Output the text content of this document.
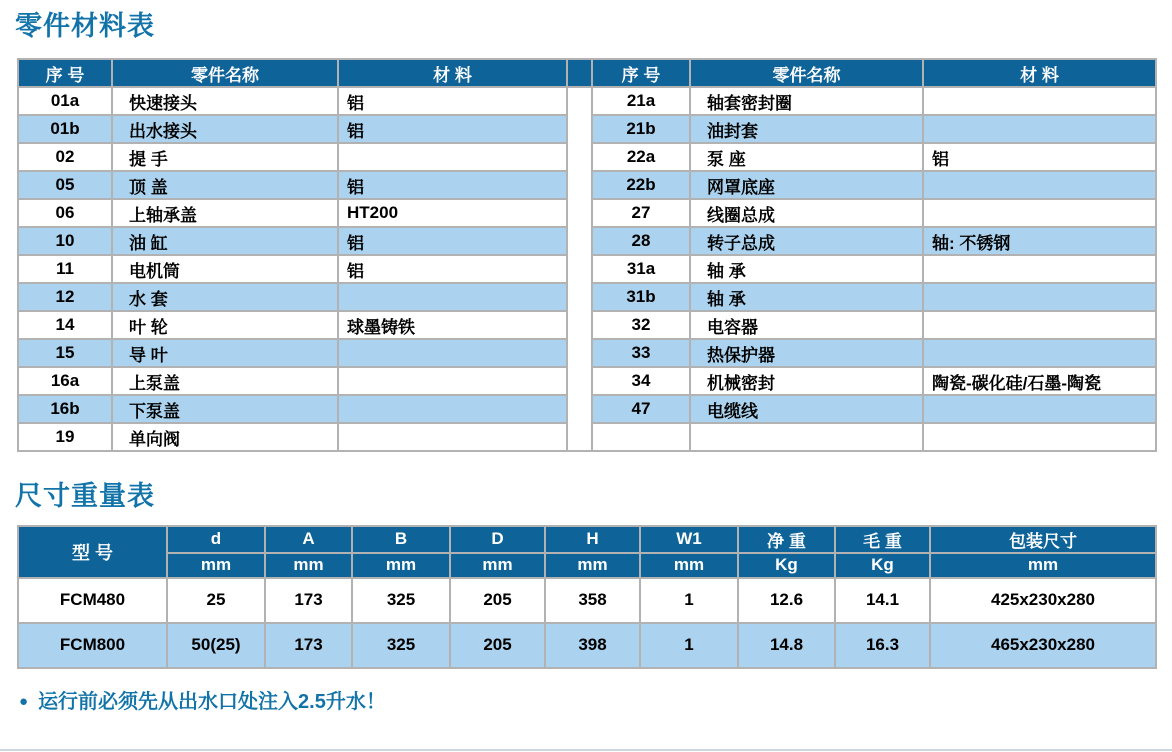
零件材料表
序 号	零件名称	材 料		序 号	零件名称	材 料
01a	快速接头	铝		21a	轴套密封圈	
01b	出水接头	铝		21b	油封套	
02	提 手			22a	泵 座	铝
05	顶 盖	铝		22b	网罩底座	
06	上轴承盖	HT200		27	线圈总成	
10	油 缸	铝		28	转子总成	轴: 不锈钢
11	电机筒	铝		31a	轴 承	
12	水 套			31b	轴 承	
14	叶 轮	球墨铸铁		32	电容器	
15	导 叶			33	热保护器	
16a	上泵盖			34	机械密封	陶瓷-碳化硅/石墨-陶瓷
16b	下泵盖			47	电缆线	
19	单向阀					
尺寸重量表
型 号	d	A	B	D	H	W1	净 重	毛 重	包装尺寸
	mm	mm	mm	mm	mm	mm	Kg	Kg	mm
FCM480	25	173	325	205	358	1	12.6	14.1	425x230x280
FCM800	50(25)	173	325	205	398	1	14.8	16.3	465x230x280

● 运行前必须先从出水口处注入2.5升水！
